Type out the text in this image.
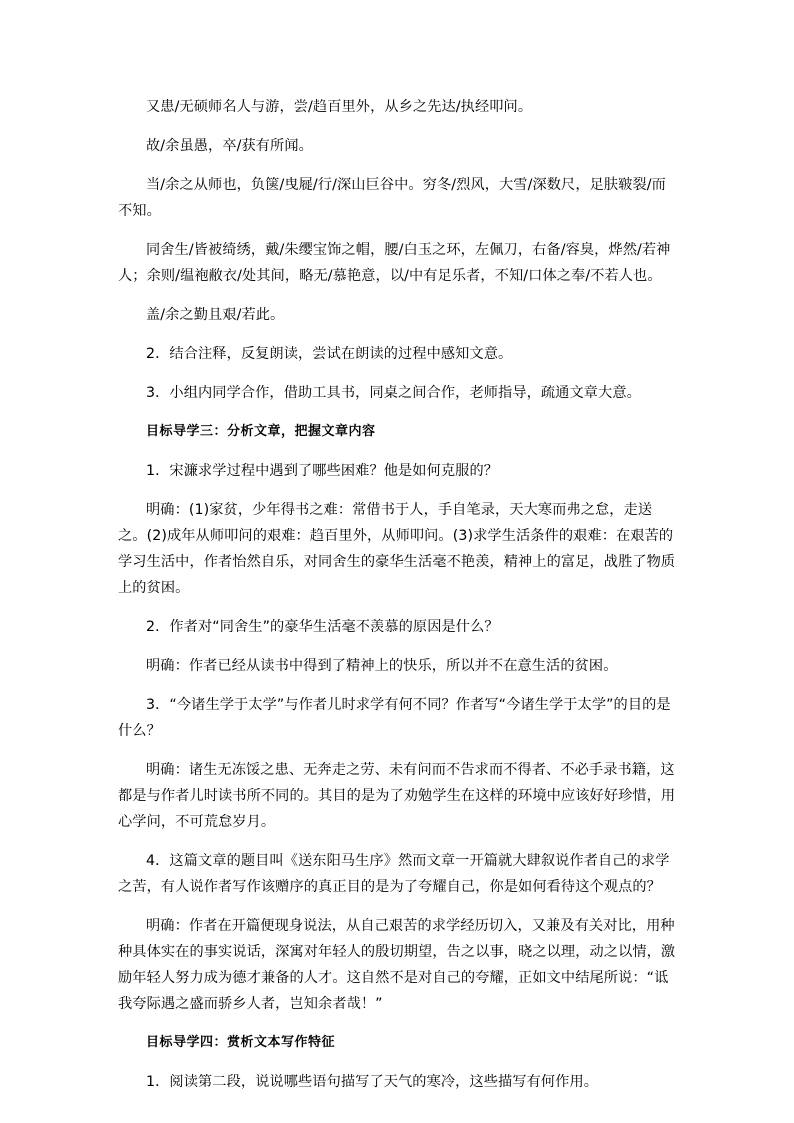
又患/无硕师名人与游，尝/趋百里外，从乡之先达/执经叩问。

故/余虽愚，卒/获有所闻。

当/余之从师也，负箧/曳屣/行/深山巨谷中。穷冬/烈风，大雪/深数尺，足肤皲裂/而不知。

同舍生/皆被绮绣，戴/朱缨宝饰之帽，腰/白玉之环，左佩刀，右备/容臭，烨然/若神人；余则/缊袍敝衣/处其间，略无/慕艳意，以/中有足乐者，不知/口体之奉/不若人也。

盖/余之勤且艰/若此。

2．结合注释，反复朗读，尝试在朗读的过程中感知文意。

3．小组内同学合作，借助工具书，同桌之间合作，老师指导，疏通文章大意。

目标导学三：分析文章，把握文章内容

1．宋濂求学过程中遇到了哪些困难？他是如何克服的？

明确：(1)家贫，少年得书之难：常借书于人，手自笔录，天大寒而弗之怠，走送之。(2)成年从师叩问的艰难：趋百里外，从师叩问。(3)求学生活条件的艰难：在艰苦的学习生活中，作者怡然自乐，对同舍生的豪华生活毫不艳羡，精神上的富足，战胜了物质上的贫困。

2．作者对“同舍生”的豪华生活毫不羡慕的原因是什么？

明确：作者已经从读书中得到了精神上的快乐，所以并不在意生活的贫困。

3．“今诸生学于太学”与作者儿时求学有何不同？作者写“今诸生学于太学”的目的是什么？

明确：诸生无冻馁之患、无奔走之劳、未有问而不告求而不得者、不必手录书籍，这都是与作者儿时读书所不同的。其目的是为了劝勉学生在这样的环境中应该好好珍惜，用心学问，不可荒怠岁月。

4．这篇文章的题目叫《送东阳马生序》然而文章一开篇就大肆叙说作者自己的求学之苦，有人说作者写作该赠序的真正目的是为了夸耀自己，你是如何看待这个观点的？

明确：作者在开篇便现身说法，从自己艰苦的求学经历切入，又兼及有关对比，用种种具体实在的事实说话，深寓对年轻人的殷切期望，告之以事，晓之以理，动之以情，激励年轻人努力成为德才兼备的人才。这自然不是对自己的夸耀，正如文中结尾所说：“诋我夸际遇之盛而骄乡人者，岂知余者哉！”

目标导学四：赏析文本写作特征

1．阅读第二段，说说哪些语句描写了天气的寒冷，这些描写有何作用。
